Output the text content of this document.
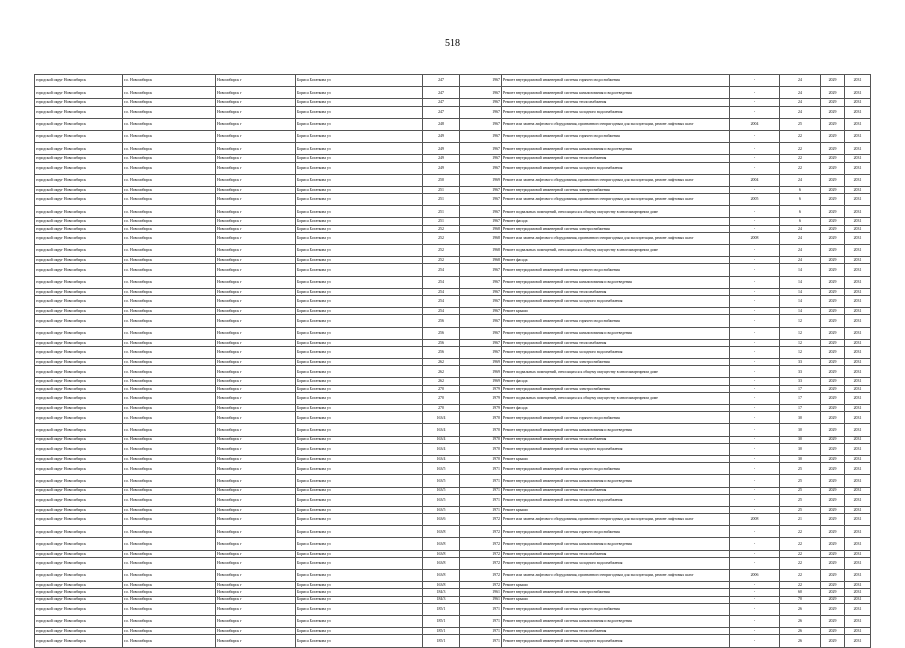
518
городской округ Новосибирск	г.о. Новосибирск	Новосибирск г	Бориса Богаткова ул	247	1967	Ремонт внутридомовой инженерной системы горячего водоснабжения	-	24	2029	2031
городской округ Новосибирск	г.о. Новосибирск	Новосибирск г	Бориса Богаткова ул	247	1967	Ремонт внутридомовой инженерной системы канализования и водоотведения	-	24	2029	2031
городской округ Новосибирск	г.о. Новосибирск	Новосибирск г	Бориса Богаткова ул	247	1967	Ремонт внутридомовой инженерной системы теплоснабжения	-	24	2029	2031
городской округ Новосибирск	г.о. Новосибирск	Новосибирск г	Бориса Богаткова ул	247	1967	Ремонт внутридомовой инженерной системы холодного водоснабжения	-	24	2029	2031
городской округ Новосибирск	г.о. Новосибирск	Новосибирск г	Бориса Богаткова ул	248	1967	Ремонт или замена лифтового оборудования, признанного непригодным для эксплуатации, ремонт лифтовых шахт	2004	25	2029	2031
городской округ Новосибирск	г.о. Новосибирск	Новосибирск г	Бориса Богаткова ул	249	1967	Ремонт внутридомовой инженерной системы горячего водоснабжения	-	22	2029	2031
городской округ Новосибирск	г.о. Новосибирск	Новосибирск г	Бориса Богаткова ул	249	1967	Ремонт внутридомовой инженерной системы канализования и водоотведения	-	22	2029	2031
городской округ Новосибирск	г.о. Новосибирск	Новосибирск г	Бориса Богаткова ул	249	1967	Ремонт внутридомовой инженерной системы теплоснабжения	-	22	2029	2031
городской округ Новосибирск	г.о. Новосибирск	Новосибирск г	Бориса Богаткова ул	249	1967	Ремонт внутридомовой инженерной системы холодного водоснабжения	-	22	2029	2031
городской округ Новосибирск	г.о. Новосибирск	Новосибирск г	Бориса Богаткова ул	250	1969	Ремонт или замена лифтового оборудования, признанного непригодным для эксплуатации, ремонт лифтовых шахт	2004	24	2029	2031
городской округ Новосибирск	г.о. Новосибирск	Новосибирск г	Бориса Богаткова ул	251	1967	Ремонт внутридомовой инженерной системы электроснабжения	-	6	2029	2031
городской округ Новосибирск	г.о. Новосибирск	Новосибирск г	Бориса Богаткова ул	251	1967	Ремонт или замена лифтового оборудования, признанного непригодным для эксплуатации, ремонт лифтовых шахт	2005	6	2029	2031
городской округ Новосибирск	г.о. Новосибирск	Новосибирск г	Бориса Богаткова ул	251	1967	Ремонт подвальных помещений, относящихся к общему имуществу в многоквартирном доме	-	6	2029	2031
городской округ Новосибирск	г.о. Новосибирск	Новосибирск г	Бориса Богаткова ул	251	1967	Ремонт фасада	-	6	2029	2031
городской округ Новосибирск	г.о. Новосибирск	Новосибирск г	Бориса Богаткова ул	252	1968	Ремонт внутридомовой инженерной системы электроснабжения	-	24	2029	2031
городской округ Новосибирск	г.о. Новосибирск	Новосибирск г	Бориса Богаткова ул	252	1968	Ремонт или замена лифтового оборудования, признанного непригодным для эксплуатации, ремонт лифтовых шахт	2008	24	2029	2031
городской округ Новосибирск	г.о. Новосибирск	Новосибирск г	Бориса Богаткова ул	252	1968	Ремонт подвальных помещений, относящихся к общему имуществу в многоквартирном доме	-	24	2029	2031
городской округ Новосибирск	г.о. Новосибирск	Новосибирск г	Бориса Богаткова ул	252	1968	Ремонт фасада	-	24	2029	2031
городской округ Новосибирск	г.о. Новосибирск	Новосибирск г	Бориса Богаткова ул	254	1967	Ремонт внутридомовой инженерной системы горячего водоснабжения	-	14	2029	2031
городской округ Новосибирск	г.о. Новосибирск	Новосибирск г	Бориса Богаткова ул	254	1967	Ремонт внутридомовой инженерной системы канализования и водоотведения	-	14	2029	2031
городской округ Новосибирск	г.о. Новосибирск	Новосибирск г	Бориса Богаткова ул	254	1967	Ремонт внутридомовой инженерной системы теплоснабжения	-	14	2029	2031
городской округ Новосибирск	г.о. Новосибирск	Новосибирск г	Бориса Богаткова ул	254	1967	Ремонт внутридомовой инженерной системы холодного водоснабжения	-	14	2029	2031
городской округ Новосибирск	г.о. Новосибирск	Новосибирск г	Бориса Богаткова ул	254	1967	Ремонт крыши	-	14	2029	2031
городской округ Новосибирск	г.о. Новосибирск	Новосибирск г	Бориса Богаткова ул	256	1967	Ремонт внутридомовой инженерной системы горячего водоснабжения	-	12	2029	2031
городской округ Новосибирск	г.о. Новосибирск	Новосибирск г	Бориса Богаткова ул	256	1967	Ремонт внутридомовой инженерной системы канализования и водоотведения	-	12	2029	2031
городской округ Новосибирск	г.о. Новосибирск	Новосибирск г	Бориса Богаткова ул	256	1967	Ремонт внутридомовой инженерной системы теплоснабжения	-	12	2029	2031
городской округ Новосибирск	г.о. Новосибирск	Новосибирск г	Бориса Богаткова ул	256	1967	Ремонт внутридомовой инженерной системы холодного водоснабжения	-	12	2029	2031
городской округ Новосибирск	г.о. Новосибирск	Новосибирск г	Бориса Богаткова ул	262	1969	Ремонт внутридомовой инженерной системы электроснабжения	-	33	2029	2031
городской округ Новосибирск	г.о. Новосибирск	Новосибирск г	Бориса Богаткова ул	262	1969	Ремонт подвальных помещений, относящихся к общему имуществу в многоквартирном доме	-	33	2029	2031
городской округ Новосибирск	г.о. Новосибирск	Новосибирск г	Бориса Богаткова ул	262	1969	Ремонт фасада	-	33	2029	2031
городской округ Новосибирск	г.о. Новосибирск	Новосибирск г	Бориса Богаткова ул	270	1979	Ремонт внутридомовой инженерной системы электроснабжения	-	17	2029	2031
городской округ Новосибирск	г.о. Новосибирск	Новосибирск г	Бориса Богаткова ул	270	1979	Ремонт подвальных помещений, относящихся к общему имуществу в многоквартирном доме	-	17	2029	2031
городской округ Новосибирск	г.о. Новосибирск	Новосибирск г	Бориса Богаткова ул	270	1979	Ремонт фасада	-	17	2029	2031
городской округ Новосибирск	г.о. Новосибирск	Новосибирск г	Бориса Богаткова ул	163/4	1970	Ремонт внутридомовой инженерной системы горячего водоснабжения	-	30	2029	2031
городской округ Новосибирск	г.о. Новосибирск	Новосибирск г	Бориса Богаткова ул	163/4	1970	Ремонт внутридомовой инженерной системы канализования и водоотведения	-	30	2029	2031
городской округ Новосибирск	г.о. Новосибирск	Новосибирск г	Бориса Богаткова ул	163/4	1970	Ремонт внутридомовой инженерной системы теплоснабжения	-	30	2029	2031
городской округ Новосибирск	г.о. Новосибирск	Новосибирск г	Бориса Богаткова ул	163/4	1970	Ремонт внутридомовой инженерной системы холодного водоснабжения	-	30	2029	2031
городской округ Новосибирск	г.о. Новосибирск	Новосибирск г	Бориса Богаткова ул	163/4	1970	Ремонт крыши	-	30	2029	2031
городской округ Новосибирск	г.о. Новосибирск	Новосибирск г	Бориса Богаткова ул	163/5	1971	Ремонт внутридомовой инженерной системы горячего водоснабжения	-	25	2029	2031
городской округ Новосибирск	г.о. Новосибирск	Новосибирск г	Бориса Богаткова ул	163/5	1971	Ремонт внутридомовой инженерной системы канализования и водоотведения	-	25	2029	2031
городской округ Новосибирск	г.о. Новосибирск	Новосибирск г	Бориса Богаткова ул	163/5	1971	Ремонт внутридомовой инженерной системы теплоснабжения	-	25	2029	2031
городской округ Новосибирск	г.о. Новосибирск	Новосибирск г	Бориса Богаткова ул	163/5	1971	Ремонт внутридомовой инженерной системы холодного водоснабжения	-	25	2029	2031
городской округ Новосибирск	г.о. Новосибирск	Новосибирск г	Бориса Богаткова ул	163/5	1971	Ремонт крыши	-	25	2029	2031
городской округ Новосибирск	г.о. Новосибирск	Новосибирск г	Бориса Богаткова ул	163/6	1972	Ремонт или замена лифтового оборудования, признанного непригодным для эксплуатации, ремонт лифтовых шахт	2008	21	2029	2031
городской округ Новосибирск	г.о. Новосибирск	Новосибирск г	Бориса Богаткова ул	163/8	1972	Ремонт внутридомовой инженерной системы горячего водоснабжения	-	22	2029	2031
городской округ Новосибирск	г.о. Новосибирск	Новосибирск г	Бориса Богаткова ул	163/8	1972	Ремонт внутридомовой инженерной системы канализования и водоотведения	-	22	2029	2031
городской округ Новосибирск	г.о. Новосибирск	Новосибирск г	Бориса Богаткова ул	163/8	1972	Ремонт внутридомовой инженерной системы теплоснабжения	-	22	2029	2031
городской округ Новосибирск	г.о. Новосибирск	Новосибирск г	Бориса Богаткова ул	163/8	1972	Ремонт внутридомовой инженерной системы холодного водоснабжения	-	22	2029	2031
городской округ Новосибирск	г.о. Новосибирск	Новосибирск г	Бориса Богаткова ул	163/8	1972	Ремонт или замена лифтового оборудования, признанного непригодным для эксплуатации, ремонт лифтовых шахт	2006	22	2029	2031
городской округ Новосибирск	г.о. Новосибирск	Новосибирск г	Бориса Богаткова ул	163/8	1972	Ремонт крыши	-	22	2029	2031
городской округ Новосибирск	г.о. Новосибирск	Новосибирск г	Бориса Богаткова ул	184/3	1961	Ремонт внутридомовой инженерной системы электроснабжения	-	60	2029	2031
городской округ Новосибирск	г.о. Новосибирск	Новосибирск г	Бориса Богаткова ул	184/3	1961	Ремонт крыши	-	70	2029	2031
городской округ Новосибирск	г.о. Новосибирск	Новосибирск г	Бориса Богаткова ул	185/1	1971	Ремонт внутридомовой инженерной системы горячего водоснабжения	-	26	2029	2031
городской округ Новосибирск	г.о. Новосибирск	Новосибирск г	Бориса Богаткова ул	185/1	1971	Ремонт внутридомовой инженерной системы канализования и водоотведения	-	26	2029	2031
городской округ Новосибирск	г.о. Новосибирск	Новосибирск г	Бориса Богаткова ул	185/1	1971	Ремонт внутридомовой инженерной системы теплоснабжения	-	26	2029	2031
городской округ Новосибирск	г.о. Новосибирск	Новосибирск г	Бориса Богаткова ул	185/1	1971	Ремонт внутридомовой инженерной системы холодного водоснабжения	-	26	2029	2031
